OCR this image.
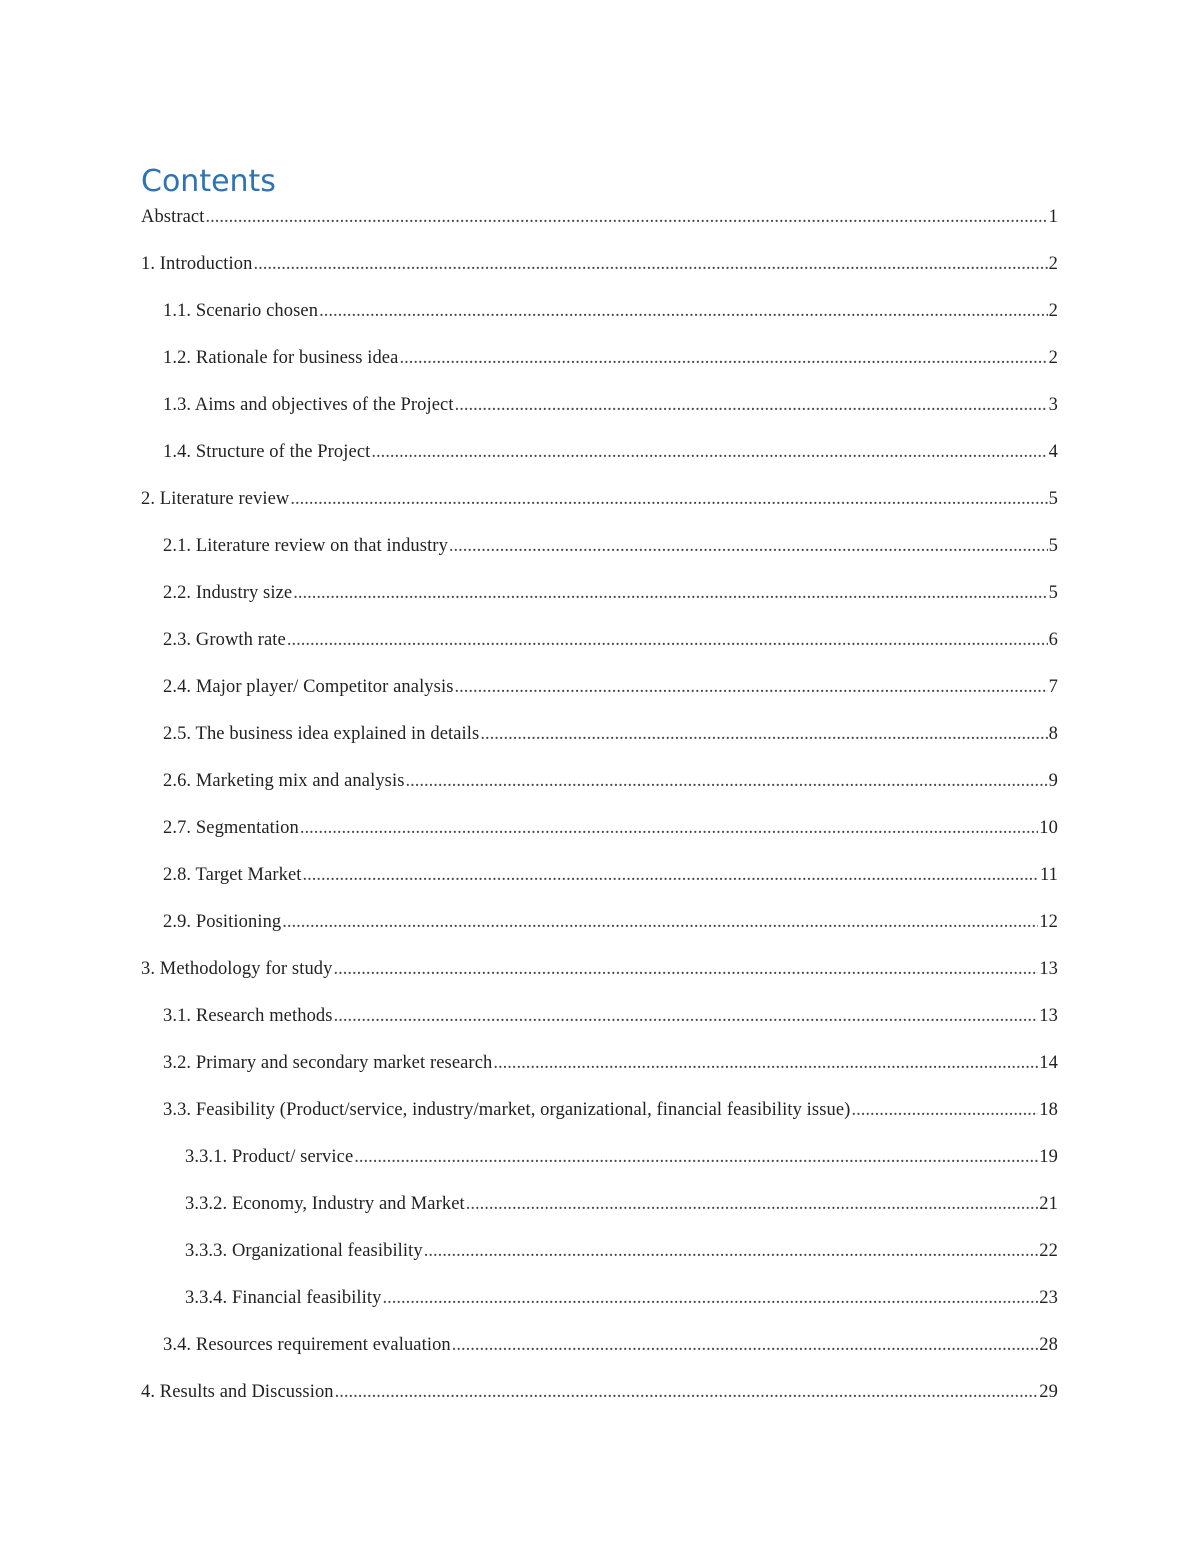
Contents
Abstract .....	1
1. Introduction .....	2
1.1. Scenario chosen .....	2
1.2. Rationale for business idea .....	2
1.3. Aims and objectives of the Project .....	3
1.4. Structure of the Project .....	4
2. Literature review .....	5
2.1. Literature review on that industry .....	5
2.2. Industry size .....	5
2.3. Growth rate .....	6
2.4. Major player/ Competitor analysis .....	7
2.5. The business idea explained in details .....	8
2.6. Marketing mix and analysis .....	9
2.7. Segmentation .....	10
2.8. Target Market .....	11
2.9. Positioning .....	12
3. Methodology for study .....	13
3.1. Research methods .....	13
3.2. Primary and secondary market research .....	14
3.3. Feasibility (Product/service, industry/market, organizational, financial feasibility issue) .....	18
3.3.1. Product/ service .....	19
3.3.2. Economy, Industry and Market .....	21
3.3.3. Organizational feasibility .....	22
3.3.4. Financial feasibility .....	23
3.4. Resources requirement evaluation .....	28
4. Results and Discussion .....	29
